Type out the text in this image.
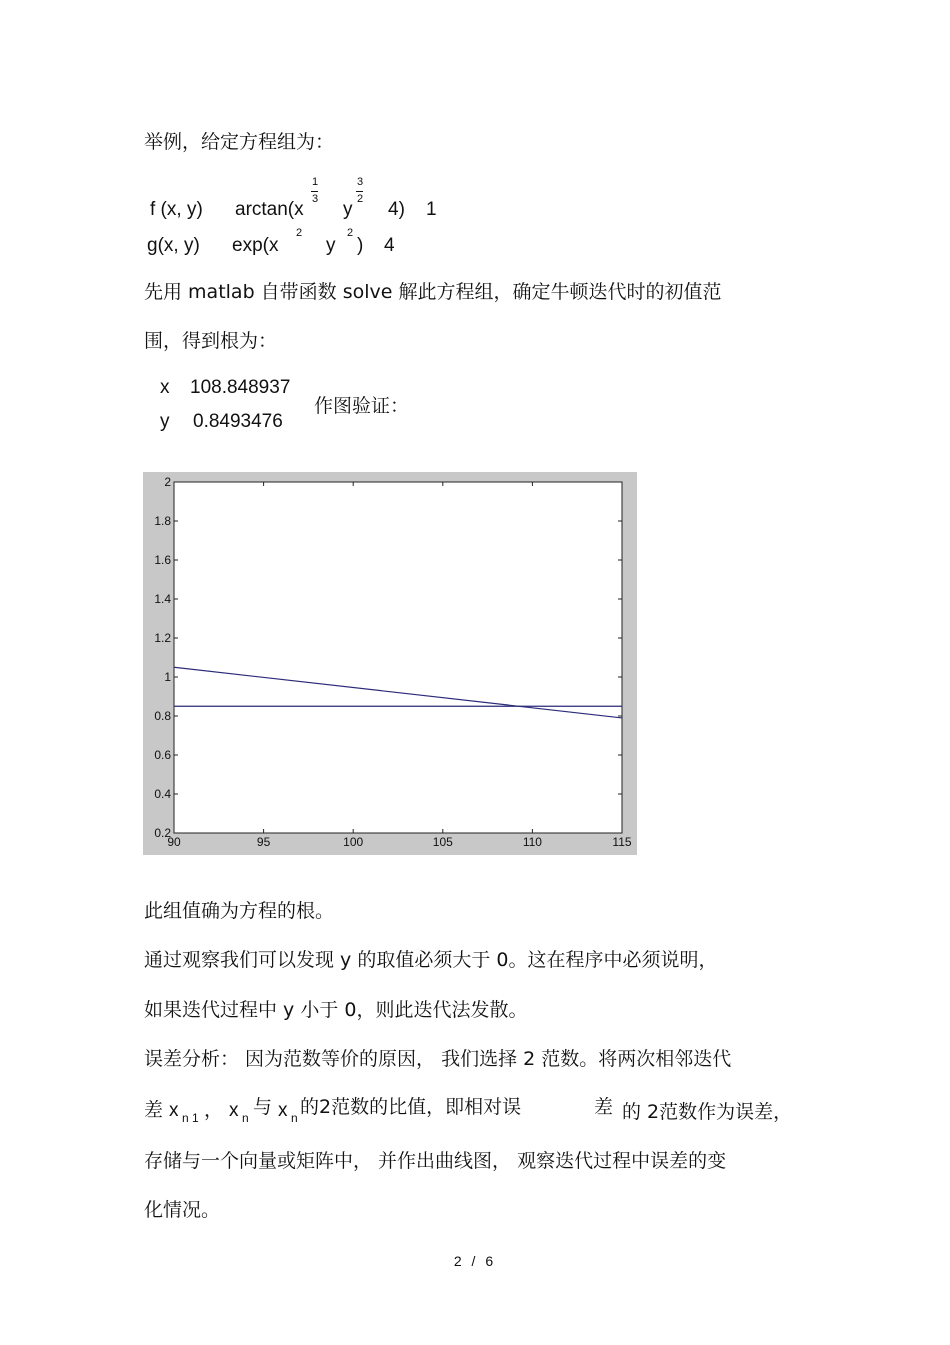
举例，给定方程组为：
f (x, y) arctan(x
1
3 y
3
2 4) 1
g(x, y) exp(x
2
y
2
) 4
先用 matlab 自带函数 solve 解此方程组，确定牛顿迭代时的初值范
围，得到根为：
x 108.848937
y 0.8493476
作图验证：
90	95	100	105	110	115
0.2
0.4
0.6
0.8
1
1.2
1.4
1.6
1.8
2
此组值确为方程的根。
通过观察我们可以发现 y 的取值必须大于 0。这在程序中必须说明，
如果迭代过程中 y 小于 0，则此迭代法发散。
误差分析： 因为范数等价的原因， 我们选择 2 范数。将两次相邻迭代
差 x n 1 ， x n 与 x n 的2范数的比值，即相对误	差 的 2范数作为误差，
存储与一个向量或矩阵中， 并作出曲线图， 观察迭代过程中误差的变
化情况。
2 / 6
